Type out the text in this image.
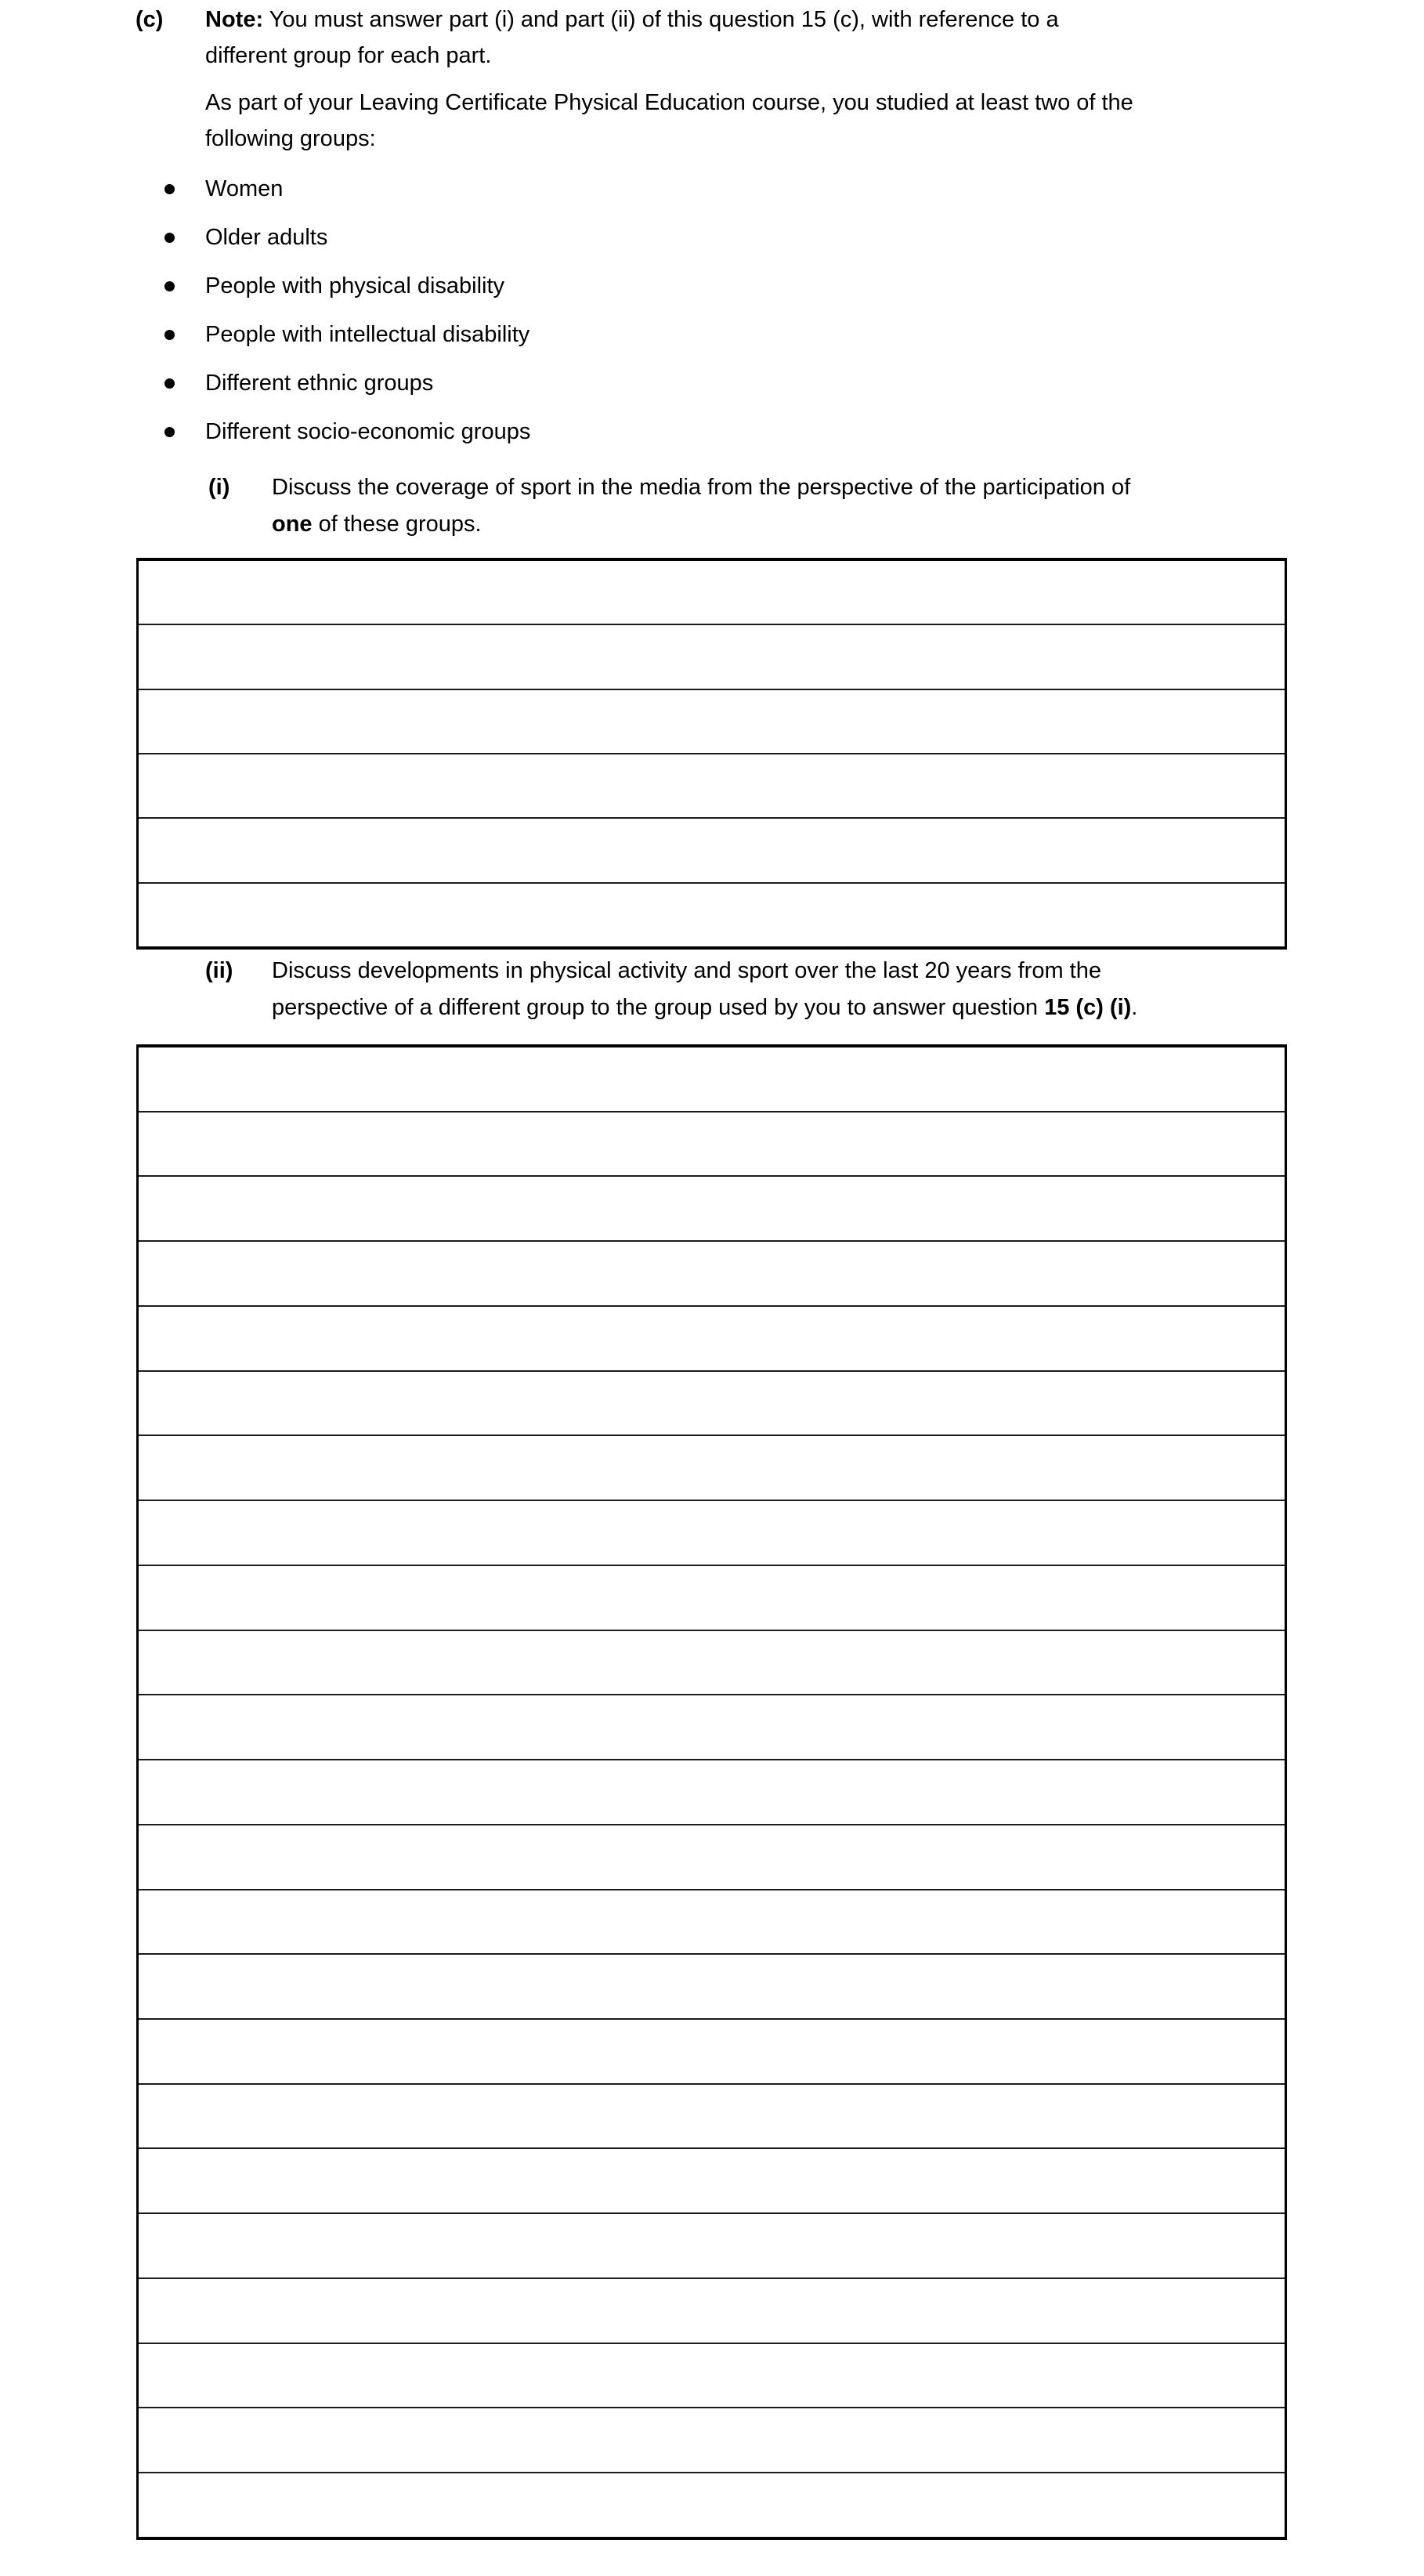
(c) Note: You must answer part (i) and part (ii) of this question 15 (c), with reference to a
different group for each part.
As part of your Leaving Certificate Physical Education course, you studied at least two of the
following groups:
Women
Older adults
People with physical disability
People with intellectual disability
Different ethnic groups
Different socio-economic groups
(i) Discuss the coverage of sport in the media from the perspective of the participation of
one of these groups.
(ii) Discuss developments in physical activity and sport over the last 20 years from the
perspective of a different group to the group used by you to answer question 15 (c) (i).
